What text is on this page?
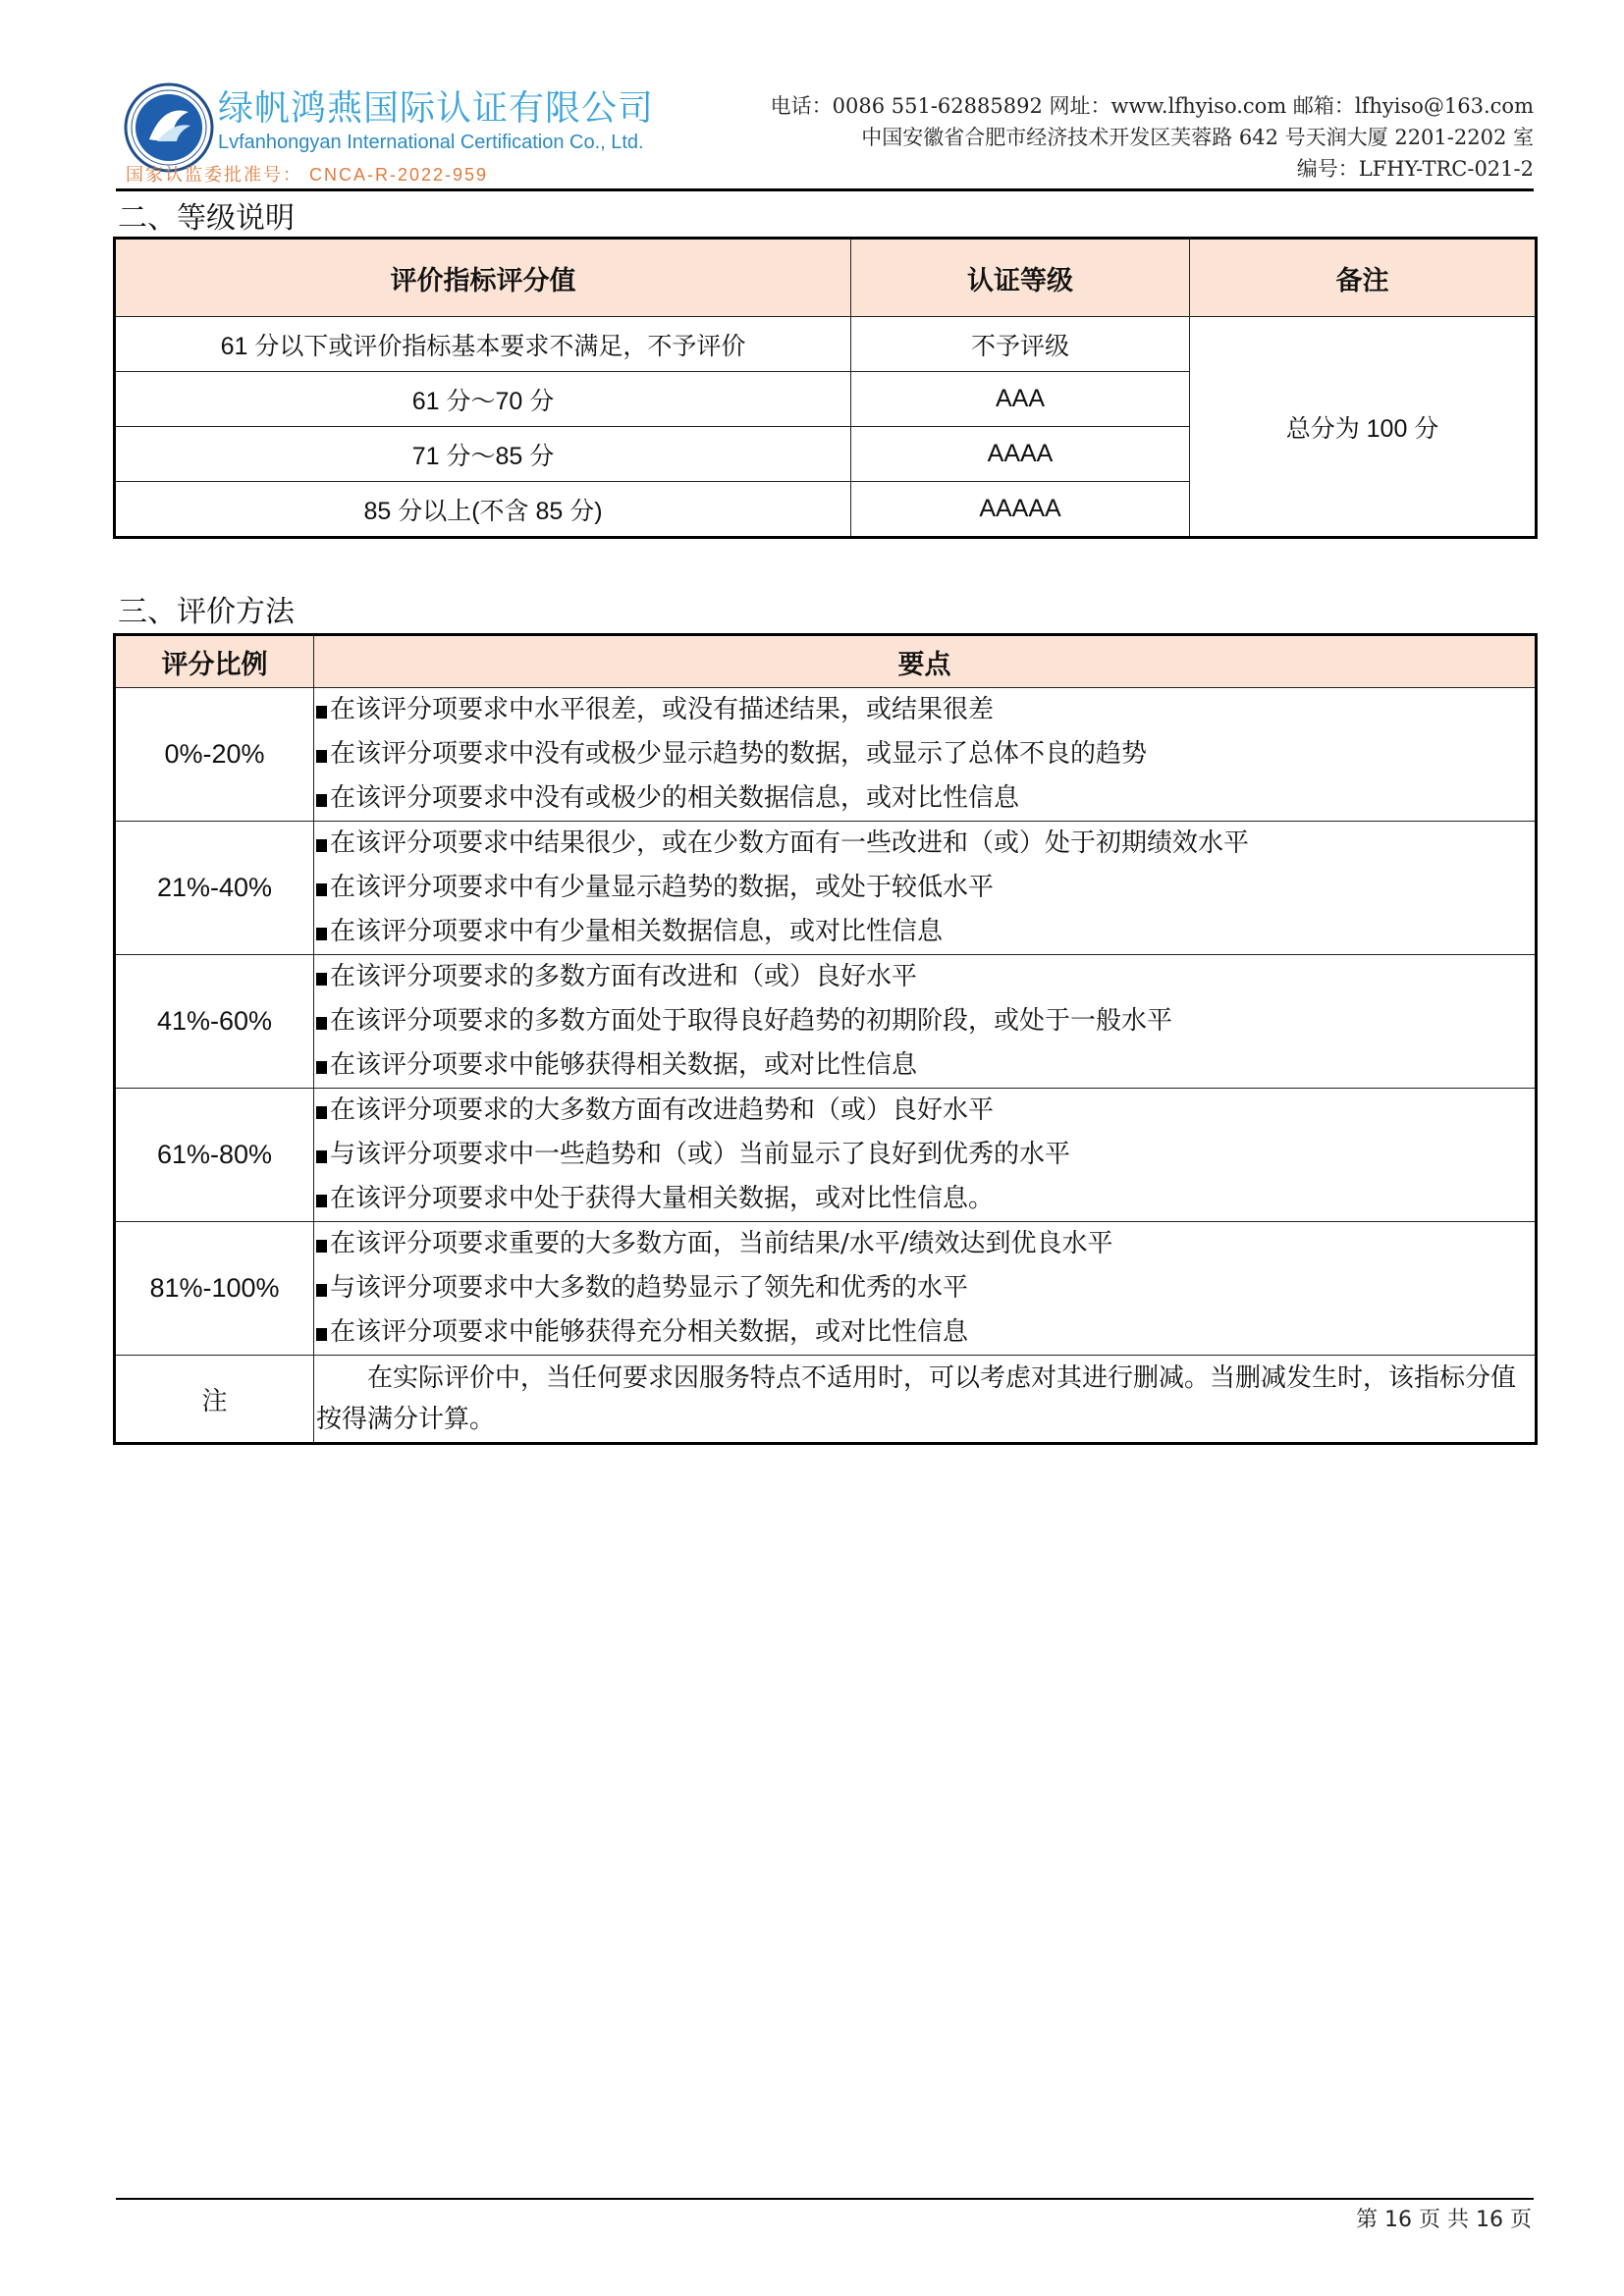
绿帆鸿燕国际认证有限公司
Lvfanhongyan International Certification Co., Ltd.
国家认监委批准号： CNCA-R-2022-959
电话：0086 551-62885892 网址：www.lfhyiso.com 邮箱：lfhyiso@163.com
中国安徽省合肥市经济技术开发区芙蓉路 642 号天润大厦 2201-2202 室
编号：LFHY-TRC-021-2
二、等级说明
评价指标评分值	认证等级	备注
61 分以下或评价指标基本要求不满足，不予评价	不予评级	总分为 100 分
61 分～70 分	AAA	
71 分～85 分	AAAA	
85 分以上(不含 85 分)	AAAAA	
三、评价方法
评分比例	要点
0%-20%	在该评分项要求中水平很差，或没有描述结果，或结果很差
在该评分项要求中没有或极少显示趋势的数据，或显示了总体不良的趋势
在该评分项要求中没有或极少的相关数据信息，或对比性信息

21%-40%	在该评分项要求中结果很少，或在少数方面有一些改进和（或）处于初期绩效水平
在该评分项要求中有少量显示趋势的数据，或处于较低水平
在该评分项要求中有少量相关数据信息，或对比性信息

41%-60%	在该评分项要求的多数方面有改进和（或）良好水平
在该评分项要求的多数方面处于取得良好趋势的初期阶段，或处于一般水平
在该评分项要求中能够获得相关数据，或对比性信息

61%-80%	在该评分项要求的大多数方面有改进趋势和（或）良好水平
与该评分项要求中一些趋势和（或）当前显示了良好到优秀的水平
在该评分项要求中处于获得大量相关数据，或对比性信息。

81%-100%	在该评分项要求重要的大多数方面，当前结果/水平/绩效达到优良水平
与该评分项要求中大多数的趋势显示了领先和优秀的水平
在该评分项要求中能够获得充分相关数据，或对比性信息

注	在实际评价中，当任何要求因服务特点不适用时，可以考虑对其进行删减。当删减发生时，该指标分值按得满分计算。
第 16 页 共 16 页
